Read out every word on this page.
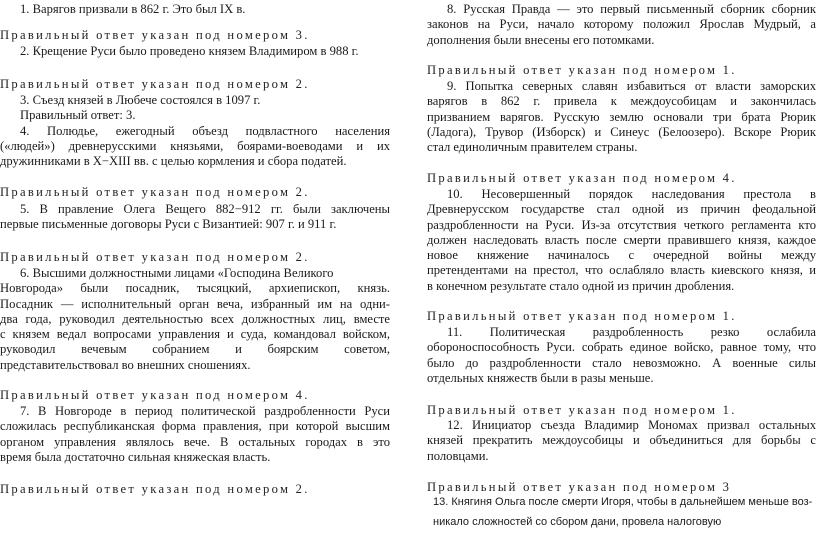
1. Варягов призвали в 862 г. Это был IX в.
Правильный ответ указан под номером 3.
2. Крещение Руси было проведено князем Владимиром в 988 г.
Правильный ответ указан под номером 2.
3. Съезд князей в Любече состоялся в 1097 г.
Правильный ответ: 3.
4. Полюдье, ежегодный объезд подвластного населения
(«людей») древнерусскими князьями, боярами-воеводами и их
дружинниками в X−XIII вв. с целью кормления и сбора податей.
Правильный ответ указан под номером 2.
5. В правление Олега Вещего 882−912 гг. были заключены
первые письменные договоры Руси с Византией: 907 г. и 911 г.
Правильный ответ указан под номером 2.
6. Высшими должностными лицами «Господина Великого
Новгорода» были посадник, тысяцкий, архиепископ, князь.
Посадник — исполнительный орган веча, избранный им на одни-
два года, руководил деятельностью всех должностных лиц, вместе
с князем ведал вопросами управления и суда, командовал войском,
руководил вечевым собранием и боярским советом,
представительствовал во внешних сношениях.
Правильный ответ указан под номером 4.
7. В Новгороде в период политической раздробленности Руси
сложилась республиканская форма правления, при которой высшим
органом управления являлось вече. В остальных городах в это
время была достаточно сильная княжеская власть.
Правильный ответ указан под номером 2.
8. Русская Правда — это первый письменный сборник сборник
законов на Руси, начало которому положил Ярослав Мудрый, а
дополнения были внесены его потомками.
Правильный ответ указан под номером 1.
9. Попытка северных славян избавиться от власти заморских
варягов в 862 г. привела к междоусобицам и закончилась
призванием варягов. Русскую землю основали три брата Рюрик
(Ладога), Трувор (Изборск) и Синеус (Белоозеро). Вскоре Рюрик
стал единоличным правителем страны.
Правильный ответ указан под номером 4.
10. Несовершенный порядок наследования престола в
Древнерусском государстве стал одной из причин феодальной
раздробленности на Руси. Из-за отсутствия четкого регламента кто
должен наследовать власть после смерти правившего князя, каждое
новое княжение начиналось с очередной войны между
претендентами на престол, что ослабляло власть киевского князя, и
в конечном результате стало одной из причин дробления.
Правильный ответ указан под номером 1.
11. Политическая раздробленность резко ослабила
обороноспособность Руси. собрать единое войско, равное тому, что
было до раздробленности стало невозможно. А военные силы
отдельных княжеств были в разы меньше.
Правильный ответ указан под номером 1.
12. Инициатор съезда Владимир Мономах призвал остальных
князей прекратить междоусобицы и объединиться для борьбы с
половцами.
Правильный ответ указан под номером 3
13. Княгиня Ольга после смерти Игоря, чтобы в дальнейшем меньше воз-
никало сложностей со сбором дани, провела налоговую
